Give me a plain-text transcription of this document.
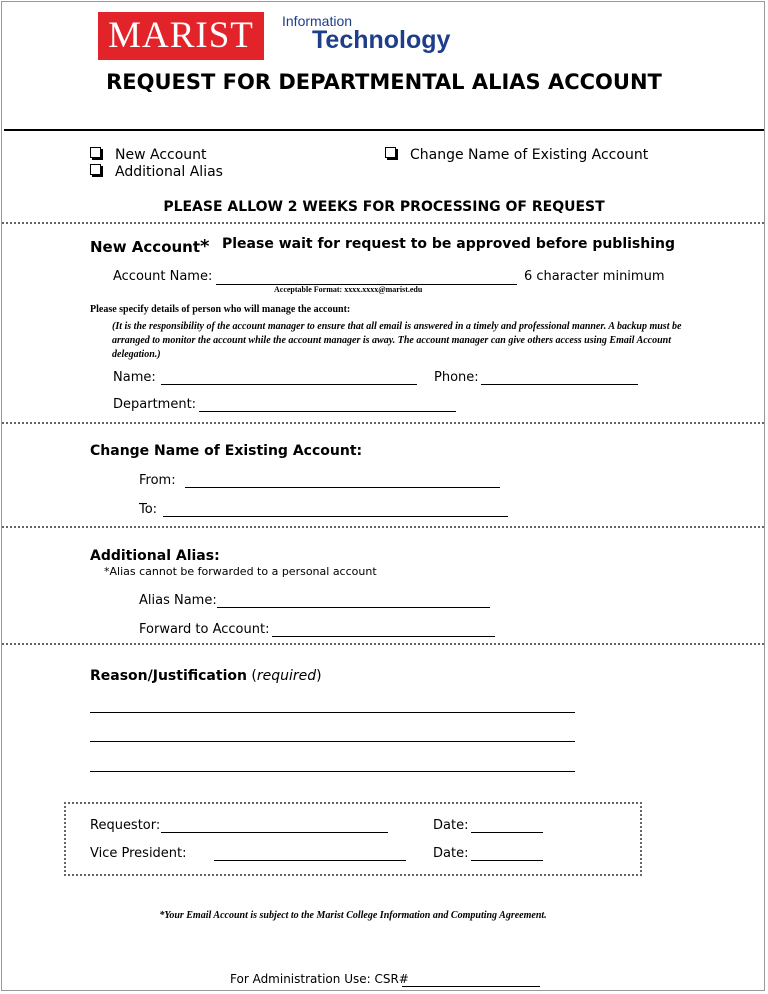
MARIST	Information
Technology
REQUEST FOR DEPARTMENTAL ALIAS ACCOUNT
New Account
Additional Alias
Change Name of Existing Account
PLEASE ALLOW 2 WEEKS FOR PROCESSING OF REQUEST
New Account* Please wait for request to be approved before publishing
Account Name:	6 character minimum
Acceptable Format: xxxx.xxxx@marist.edu
Please specify details of person who will manage the account:
(It is the responsibility of the account manager to ensure that all email is answered in a timely and professional manner. A backup must be arranged to monitor the account while the account manager is away. The account manager can give others access using Email Account delegation.)
Name:	Phone:
Department:
Change Name of Existing Account:
From:
To:
Additional Alias:
*Alias cannot be forwarded to a personal account
Alias Name:
Forward to Account:
Reason/Justification (required)
Requestor:	Date:
Vice President:	Date:
*Your Email Account is subject to the Marist College Information and Computing Agreement.
For Administration Use: CSR#
